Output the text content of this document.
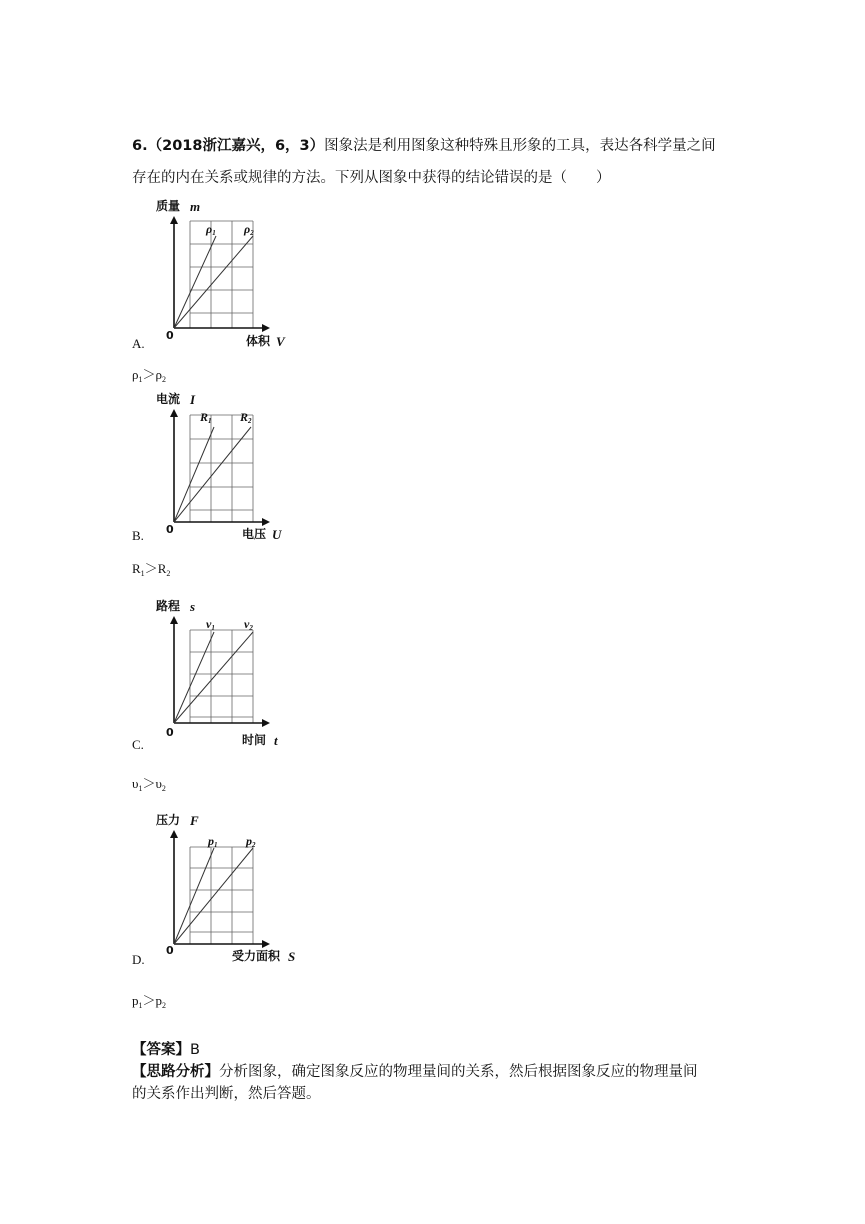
6.（2018浙江嘉兴，6，3）图象法是利用图象这种特殊且形象的工具，表达各科学量之间
存在的内在关系或规律的方法。下列从图象中获得的结论错误的是（　　）
质量 m
ρ1 ρ2
0	体积 V
A.
$\rho_1>\rho_2$
电流 I
R1 R2
0	电压 U
B.
$R_1>R_2$
路程 s
v1 v2
0
时间 t
C.
$\upsilon_1>\upsilon_2$
压力 F
p1 p2
0	受力面积 S
D.
$p_1>p_2$
【答案】B
【思路分析】分析图象，确定图象反应的物理量间的关系，然后根据图象反应的物理量间
的关系作出判断，然后答题。
